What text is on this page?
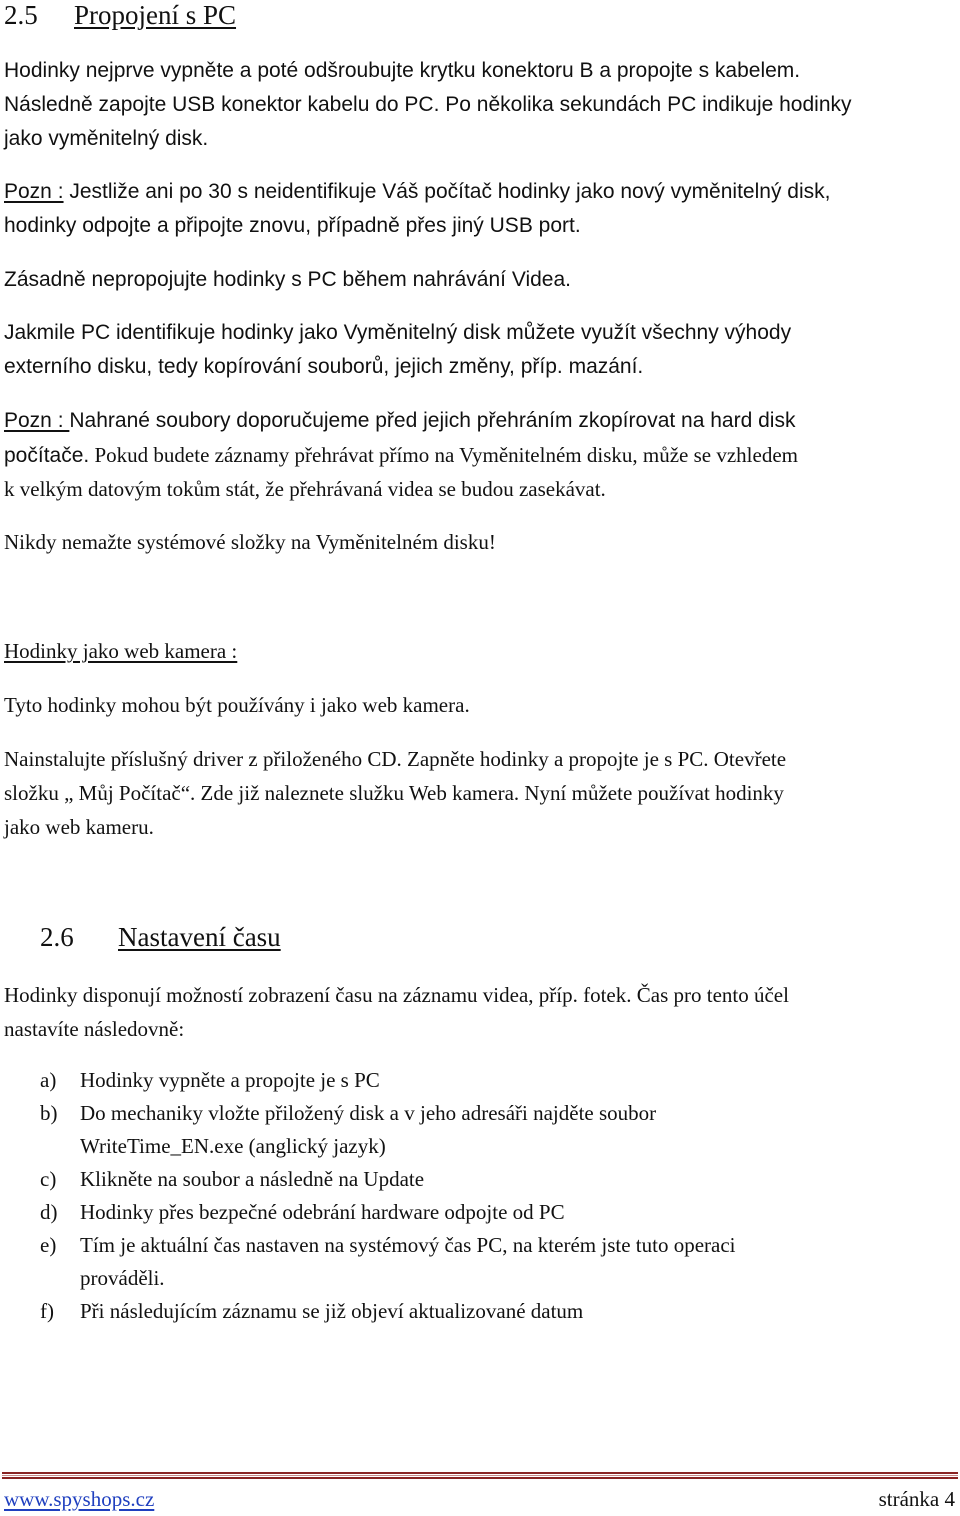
2.5 Propojení s PC

Hodinky nejprve vypněte a poté odšroubujte krytku konektoru B a propojte s kabelem.
Následně zapojte USB konektor kabelu do PC. Po několika sekundách PC indikuje hodinky
jako vyměnitelný disk.

Pozn : Jestliže ani po 30 s neidentifikuje Váš počítač hodinky jako nový vyměnitelný disk,
hodinky odpojte a připojte znovu, případně přes jiný USB port.

Zásadně nepropojujte hodinky s PC během nahrávání Videa.

Jakmile PC identifikuje hodinky jako Vyměnitelný disk můžete využít všechny výhody
externího disku, tedy kopírování souborů, jejich změny, příp. mazání.

Pozn : Nahrané soubory doporučujeme před jejich přehráním zkopírovat na hard disk
počítače. Pokud budete záznamy přehrávat přímo na Vyměnitelném disku, může se vzhledem
k velkým datovým tokům stát, že přehrávaná videa se budou zasekávat.

Nikdy nemažte systémové složky na Vyměnitelném disku!

Hodinky jako web kamera :

Tyto hodinky mohou být používány i jako web kamera.

Nainstalujte příslušný driver z přiloženého CD. Zapněte hodinky a propojte je s PC. Otevřete
složku „ Můj Počítač“. Zde již naleznete služku Web kamera. Nyní můžete používat hodinky
jako web kameru.

2.6 Nastavení času

Hodinky disponují možností zobrazení času na záznamu videa, příp. fotek. Čas pro tento účel
nastavíte následovně:

a) Hodinky vypněte a propojte je s PC
b) Do mechaniky vložte přiložený disk a v jeho adresáři najděte soubor
WriteTime_EN.exe (anglický jazyk)
c) Klikněte na soubor a následně na Update
d) Hodinky přes bezpečné odebrání hardware odpojte od PC
e) Tím je aktuální čas nastaven na systémový čas PC, na kterém jste tuto operaci
prováděli.
f) Při následujícím záznamu se již objeví aktualizované datum
www.spyshops.cz	stránka 4
